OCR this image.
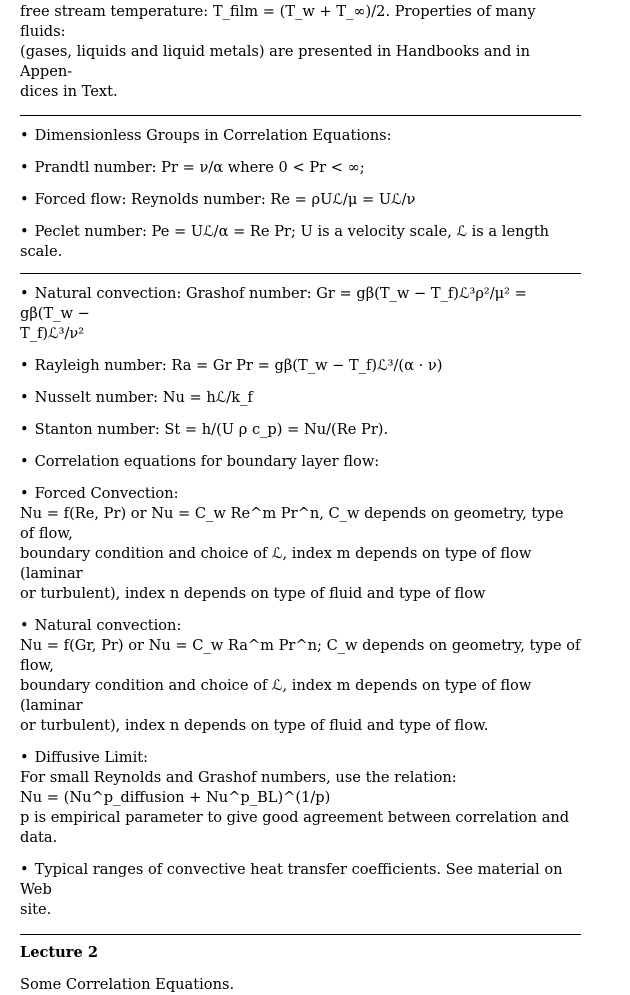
free stream temperature: T_film = (T_w + T_∞)/2. Properties of many fluids:
(gases, liquids and liquid metals) are presented in Handbooks and in Appen-
dices in Text.
• Dimensionless Groups in Correlation Equations:
• Prandtl number: Pr = ν/α where 0 < Pr < ∞;
• Forced flow: Reynolds number: Re = ρUℒ/μ = Uℒ/ν
• Peclet number: Pe = Uℒ/α = Re Pr; U is a velocity scale, ℒ is a length scale.
• Natural convection: Grashof number: Gr = gβ(T_w − T_f)ℒ³ρ²/μ² = gβ(T_w −
T_f)ℒ³/ν²
• Rayleigh number: Ra = Gr Pr = gβ(T_w − T_f)ℒ³/(α · ν)
• Nusselt number: Nu = hℒ/k_f
• Stanton number: St = h/(U ρ c_p) = Nu/(Re Pr).
• Correlation equations for boundary layer flow:
• Forced Convection:
Nu = f(Re, Pr) or Nu = C_w Re^m Pr^n, C_w depends on geometry, type of flow,
boundary condition and choice of ℒ, index m depends on type of flow (laminar
or turbulent), index n depends on type of fluid and type of flow
• Natural convection:
Nu = f(Gr, Pr) or Nu = C_w Ra^m Pr^n; C_w depends on geometry, type of flow,
boundary condition and choice of ℒ, index m depends on type of flow (laminar
or turbulent), index n depends on type of fluid and type of flow.
• Diffusive Limit:
For small Reynolds and Grashof numbers, use the relation:
Nu = (Nu^p_diffusion + Nu^p_BL)^(1/p)
p is empirical parameter to give good agreement between correlation and data.
• Typical ranges of convective heat transfer coefficients. See material on Web
site.
Lecture 2
Some Correlation Equations.
